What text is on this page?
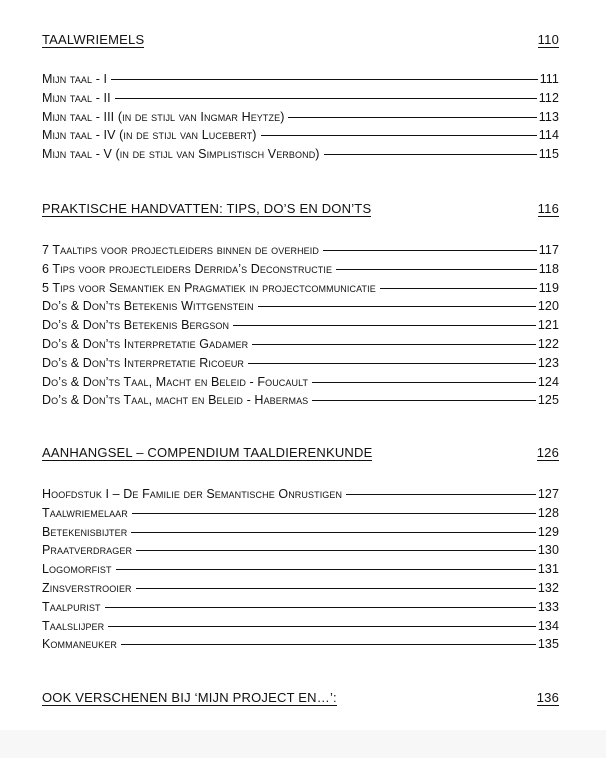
TAALWRIEMELS	110
Mijn taal - I	111
Mijn taal - II	112
Mijn taal - III (in de stijl van Ingmar Heytze)	113
Mijn taal - IV (in de stijl van Lucebert)	114
Mijn taal - V (in de stijl van Simplistisch Verbond)	115
PRAKTISCHE HANDVATTEN: TIPS, DO’S EN DON’TS	116
7 Taaltips voor projectleiders binnen de overheid	117
6 Tips voor projectleiders Derrida’s Deconstructie	118
5 Tips voor Semantiek en Pragmatiek in projectcommunicatie	119
Do’s & Don’ts Betekenis Wittgenstein	120
Do’s & Don’ts Betekenis Bergson	121
Do’s & Don’ts Interpretatie Gadamer	122
Do’s & Don’ts Interpretatie Ricoeur	123
Do’s & Don’ts Taal, Macht en Beleid - Foucault	124
Do’s & Don’ts Taal, macht en Beleid - Habermas	125
AANHANGSEL – COMPENDIUM TAALDIERENKUNDE	126
Hoofdstuk I – De Familie der Semantische Onrustigen	127
Taalwriemelaar	128
Betekenisbijter	129
Praatverdrager	130
Logomorfist	131
Zinsverstrooier	132
Taalpurist	133
Taalslijper	134
Kommaneuker	135
OOK VERSCHENEN BIJ ‘MIJN PROJECT EN…’:	136
